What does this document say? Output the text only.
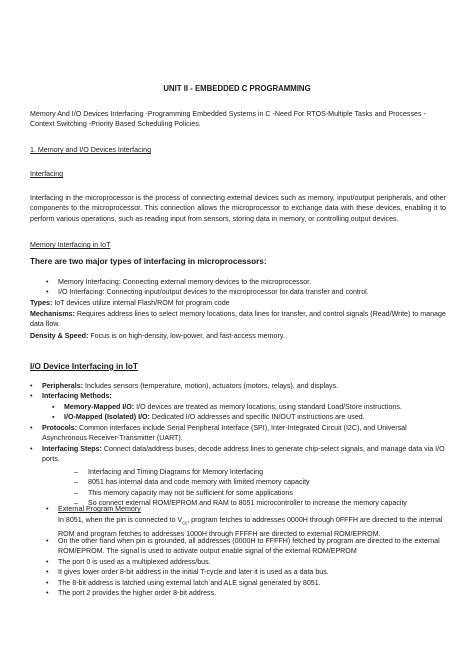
UNIT II - EMBEDDED C PROGRAMMING
Memory And I/O Devices Interfacing -Programming Embedded Systems in C -Need For RTOS-Multiple Tasks and Processes -Context Switching -Priority Based Scheduling Policies.
1. Memory and I/O Devices Interfacing
Interfacing
Interfacing in the microprocessor is the process of connecting external devices such as memory, input/output peripherals, and other components to the microprocessor. This connection allows the microprocessor to exchange data with these devices, enabling it to perform various operations, such as reading input from sensors, storing data in memory, or controlling output devices.
Memory Interfacing in IoT
There are two major types of interfacing in microprocessors:
• Memory Interfacing: Connecting external memory devices to the microprocessor.
• I/O Interfacing: Connecting input/output devices to the microprocessor for data transfer and control.
Types: IoT devices utilize internal Flash/ROM for program code
Mechanisms: Requires address lines to select memory locations, data lines for transfer, and control signals (Read/Write) to manage data flow.
Density & Speed: Focus is on high-density, low-power, and fast-access memory.
I/O Device Interfacing in IoT
• Peripherals: Includes sensors (temperature, motion), actuators (motors, relays), and displays.
• Interfacing Methods:
▪ Memory-Mapped I/O: I/O devices are treated as memory locations, using standard Load/Store instructions.
▪ I/O-Mapped (Isolated) I/O: Dedicated I/O addresses and specific IN/OUT instructions are used.
• Protocols: Common interfaces include Serial Peripheral Interface (SPI), Inter-Integrated Circuit (I2C), and Universal Asynchronous Receiver-Transmitter (UART).
• Interfacing Steps: Connect data/address buses, decode address lines to generate chip-select signals, and manage data via I/O ports.
– Interfacing and Timing Diagrams for Memory Interfacing
– 8051 has internal data and code memory with limited memory capacity
– This memory capacity may not be sufficient for some applications
– So connect external ROM/EPROM and RAM to 8051 microcontroller to increase the memory capacity
• External Program Memory
In 8051, when the pin is connected to $V_{cc}$, program fetches to addresses 0000H through 0FFFH are directed to the internal ROM and program fetches to addresses 1000H through FFFFH are directed to external ROM/EPROM.
• On the other hand when pin is grounded, all addresses (0000H to FFFFH) fetched by program are directed to the external ROM/EPROM. The signal is used to activate output enable signal of the external ROM/EPROM
• The port 0 is used as a multiplexed address/bus.
• It gives lower order 8-bit address in the initial T-cycle and later it is used as a data bus.
• The 8-bit address is latched using external latch and ALE signal generated by 8051.
• The port 2 provides the higher order 8-bit address.
